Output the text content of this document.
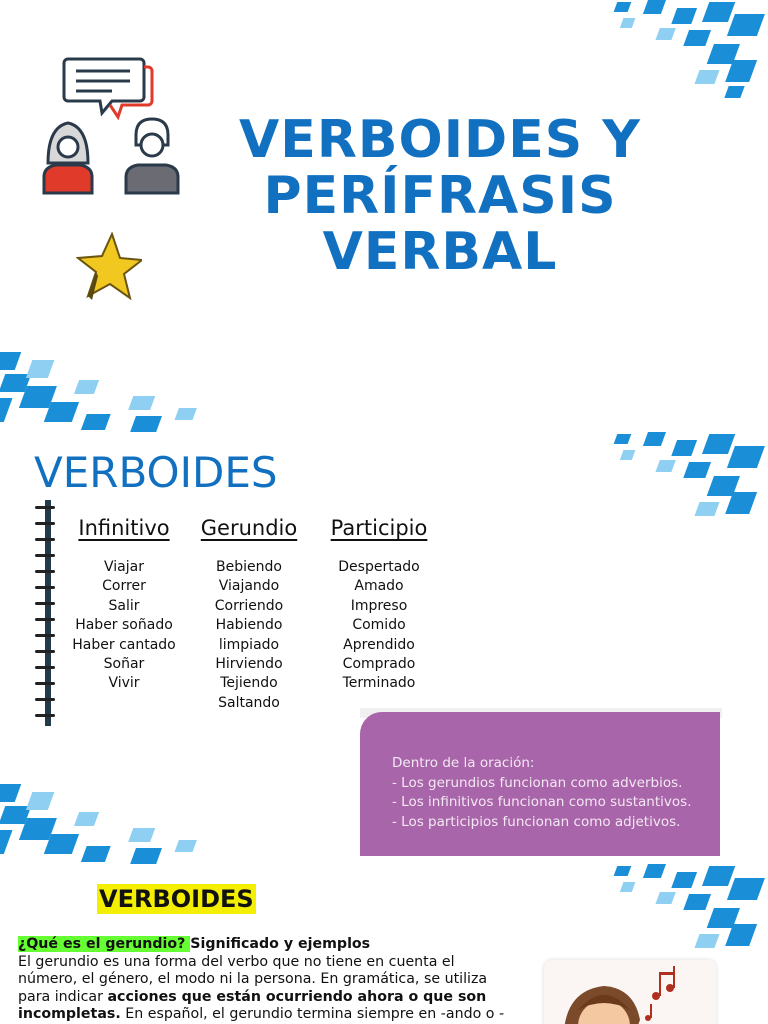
VERBOIDES Y
PERÍFRASIS
VERBAL
VERBOIDES
Infinitivo
Viajar
Correr
Salir
Haber soñado
Haber cantado
Soñar
Vivir
Gerundio
Bebiendo
Viajando
Corriendo
Habiendo limpiado
Hirviendo
Tejiendo
Saltando
Participio
Despertado
Amado
Impreso
Comido
Aprendido
Comprado
Terminado
Dentro de la oración:
- Los gerundios funcionan como adverbios.
- Los infinitivos funcionan como sustantivos.
- Los participios funcionan como adjetivos.
VERBOIDES
¿Qué es el gerundio? Significado y ejemplos
El gerundio es una forma del verbo que no tiene en cuenta el número, el género, el modo ni la persona. En gramática, se utiliza para indicar acciones que están ocurriendo ahora o que son incompletas. En español, el gerundio termina siempre en -ando o -
